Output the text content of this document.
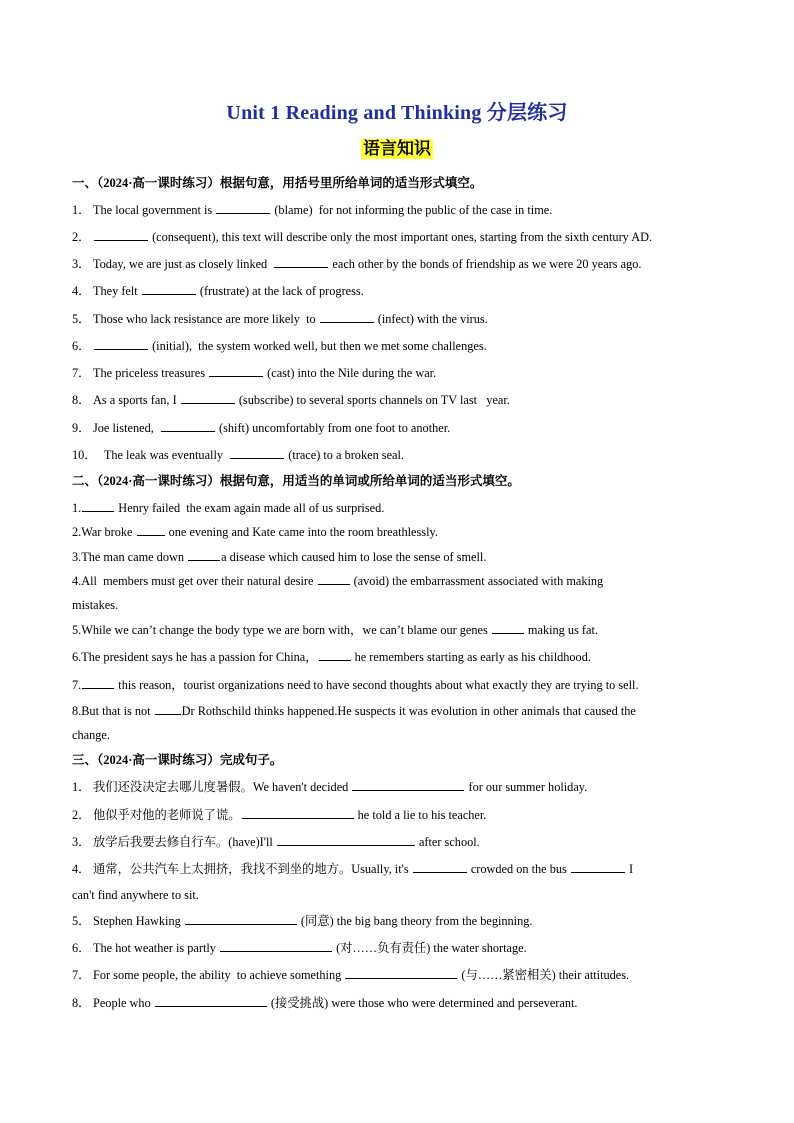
Unit 1 Reading and Thinking 分层练习
语言知识
一、（2024·高一课时练习）根据句意，用括号里所给单词的适当形式填空。
1． The local government is	(blame)  for not informing the public of the case in time.
2．	(consequent), this text will describe only the most important ones, starting from the sixth century AD.
3． Today, we are just as closely linked	each other by the bonds of friendship as we were 20 years ago.
4． They felt	(frustrate) at the lack of progress.
5． Those who lack resistance are more likely  to	(infect) with the virus.
6．	(initial),  the system worked well, but then we met some challenges.
7． The priceless treasures	(cast) into the Nile during the war.
8． As a sports fan, I	(subscribe) to several sports channels on TV last   year.
9． Joe listened,	(shift) uncomfortably from one foot to another.
10． The leak was eventually	(trace) to a broken seal.
二、（2024·高一课时练习）根据句意，用适当的单词或所给单词的适当形式填空。
1.	Henry failed  the exam again made all of us surprised.
2.War broke  one evening and Kate came into the room breathlessly.
3.The man came down	a disease which caused him to lose the sense of smell.
4.All  members must get over their natural desire	(avoid) the embarrassment associated with making
mistakes.
5.While we can’t change the body type we are born with，we can’t blame our genes	making us fat.
6.The president says he has a passion for China，	he remembers starting as early as his childhood.
7.	this reason，tourist organizations need to have second thoughts about what exactly they are trying to sell.
8.But that is not Dr Rothschild thinks happened.He suspects it was evolution in other animals that caused the
change.
三、（2024·高一课时练习）完成句子。
1． 我们还没决定去哪儿度暑假。We haven't decided	for our summer holiday.
2． 他似乎对他的老师说了谎。	he told a lie to his teacher.
3． 放学后我要去修自行车。(have)I'll	after school.
4． 通常，公共汽车上太拥挤，我找不到坐的地方。Usually, it's	crowded on the bus	I
can't find anywhere to sit.
5． Stephen Hawking	(同意) the big bang theory from the beginning.
6． The hot weather is partly	(对……负有责任) the water shortage.
7． For some people, the ability  to achieve something	(与……紧密相关) their attitudes.
8． People who	(接受挑战) were those who were determined and perseverant.
